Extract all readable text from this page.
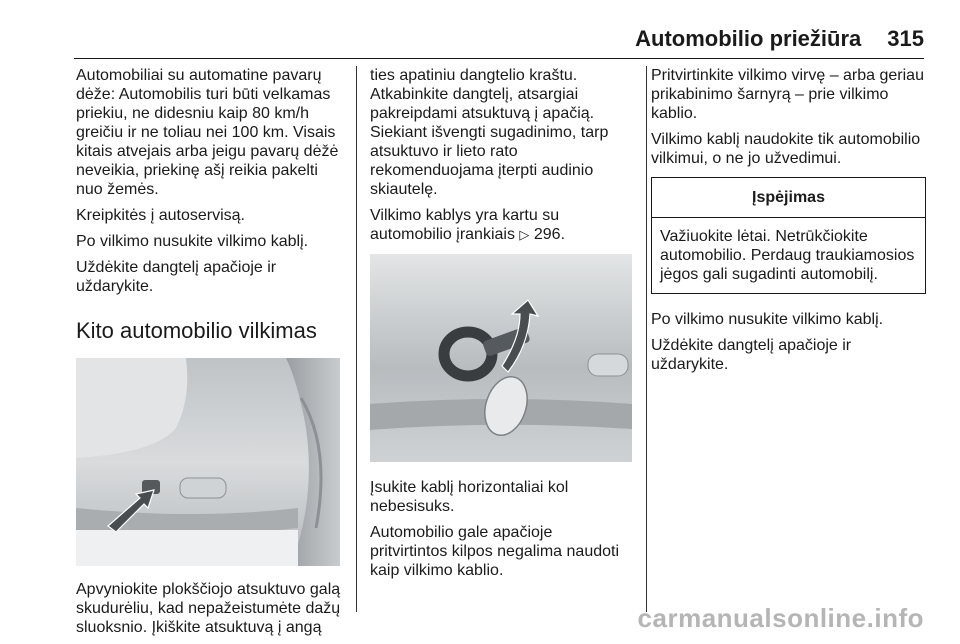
Automobilio priežiūra 315

Automobiliai su automatine pavarų dėže: Automobilis turi būti velkamas priekiu, ne didesniu kaip 80 km/h greičiu ir ne toliau nei 100 km. Visais kitais atvejais arba jeigu pavarų dėžė neveikia, priekinę ašį reikia pakelti nuo žemės.

Kreipkitės į autoservisą.

Po vilkimo nusukite vilkimo kablį.

Uždėkite dangtelį apačioje ir uždarykite.

Kito automobilio vilkimas

Apvyniokite plokščiojo atsuktuvo galą skudurėliu, kad nepažeistumėte dažų sluoksnio. Įkiškite atsuktuvą į angą

ties apatiniu dangtelio kraštu. Atkabinkite dangtelį, atsargiai pakreipdami atsuktuvą į apačią. Siekiant išvengti sugadinimo, tarp atsuktuvo ir lieto rato rekomenduojama įterpti audinio skiautelę.

Vilkimo kablys yra kartu su automobilio įrankiais ▷ 296.

Įsukite kablį horizontaliai kol nebesisuks.

Automobilio gale apačioje pritvirtintos kilpos negalima naudoti kaip vilkimo kablio.

Pritvirtinkite vilkimo virvę – arba geriau prikabinimo šarnyrą – prie vilkimo kablio.

Vilkimo kablį naudokite tik automobilio vilkimui, o ne jo užvedimui.

Įspėjimas
Važiuokite lėtai. Netrūkčiokite automobilio. Perdaug traukiamosios jėgos gali sugadinti automobilį.

Po vilkimo nusukite vilkimo kablį.

Uždėkite dangtelį apačioje ir uždarykite.

carmanualsonline.info
